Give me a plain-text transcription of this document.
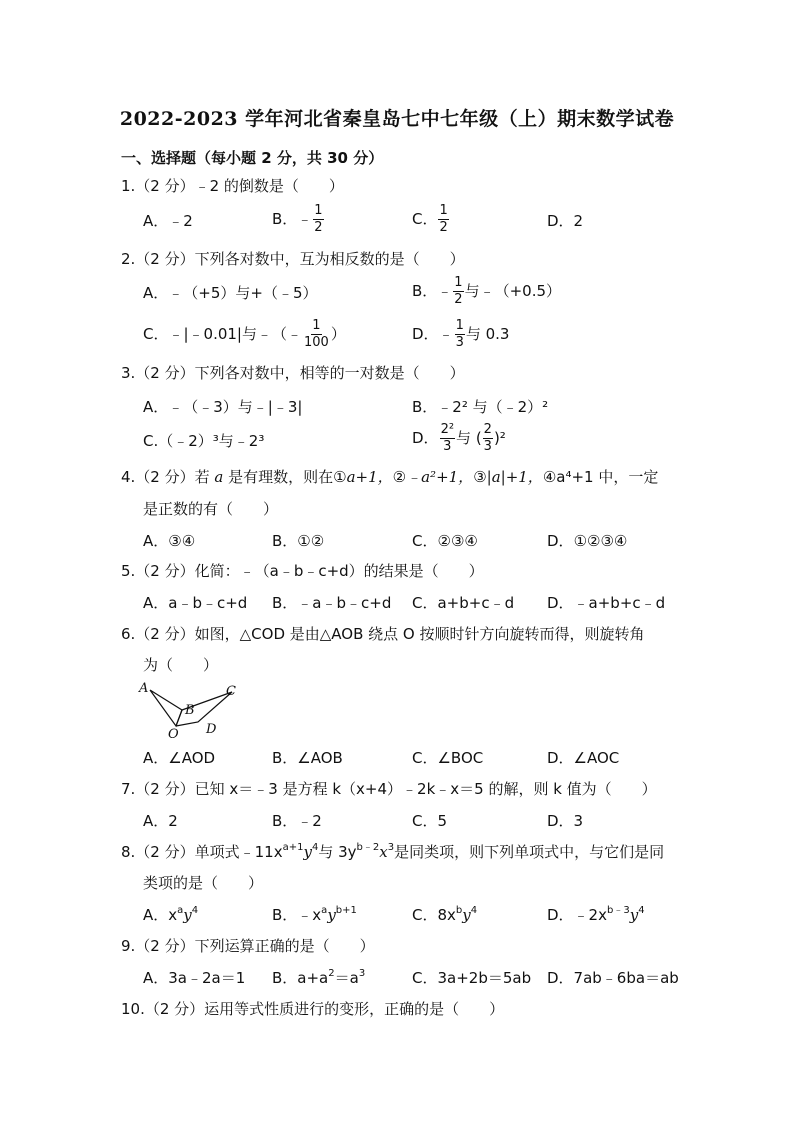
2022-2023 学年河北省秦皇岛七中七年级（上）期末数学试卷
一、选择题（每小题 2 分，共 30 分）
1.（2 分）﹣2 的倒数是（　　）
A．﹣2	B．﹣ $\frac{1}{2}$	C． $\frac{1}{2}$	D．2
2.（2 分）下列各对数中，互为相反数的是（　　）
A．﹣（+5）与+（﹣5）	B．﹣ $\frac{1}{2}$ 与﹣（+0.5）
C．﹣|﹣0.01|与﹣（﹣ $\frac{1}{100}$ ）	D．﹣ $\frac{1}{3}$ 与 0.3
3.（2 分）下列各对数中，相等的一对数是（　　）
A．﹣（﹣3）与﹣|﹣3|	B．﹣2² 与（﹣2）²
C.（﹣2）³与﹣2³	D． $\frac{\text{2²}}{3}$ 与 ( $\frac{2}{3} )^2$
4.（2 分）若 a 是有理数，则在①a+1，②﹣a²+1，③|a|+1，④a⁴+1 中，一定
是正数的有（　　）
A．③④	B．①②	C．②③④	D．①②③④
5.（2 分）化简：﹣（a﹣b﹣c+d）的结果是（　　）
A．a﹣b﹣c+d B．﹣a﹣b﹣c+d C．a+b+c﹣d D．﹣a+b+c﹣d
6.（2 分）如图，△COD 是由△AOB 绕点 O 按顺时针方向旋转而得，则旋转角
为（　　）
A
B
O D
C
A．∠AOD	B．∠AOB	C．∠BOC	D．∠AOC
7.（2 分）已知 x＝﹣3 是方程 k（x+4）﹣2k﹣x＝5 的解，则 k 值为（　　）
A．2	B．﹣2	C．5	D．3
8.（2 分）单项式$﹣11x^{a+1}y^4$与 $3y^{b﹣2}x^3$是同类项，则下列单项式中，与它们是同
类项的是（　　）
A．$x^ay^4$	B．$﹣x^ay^{b+1}$	C．$8x^by^4$	D．$﹣2x^{b﹣3}y^4$
9.（2 分）下列运算正确的是（　　）
A．3a﹣2a＝1 B．$a+a^2=a^3$	C．3a+2b＝5ab D．7ab﹣6ba＝ab
10.（2 分）运用等式性质进行的变形，正确的是（　　）
